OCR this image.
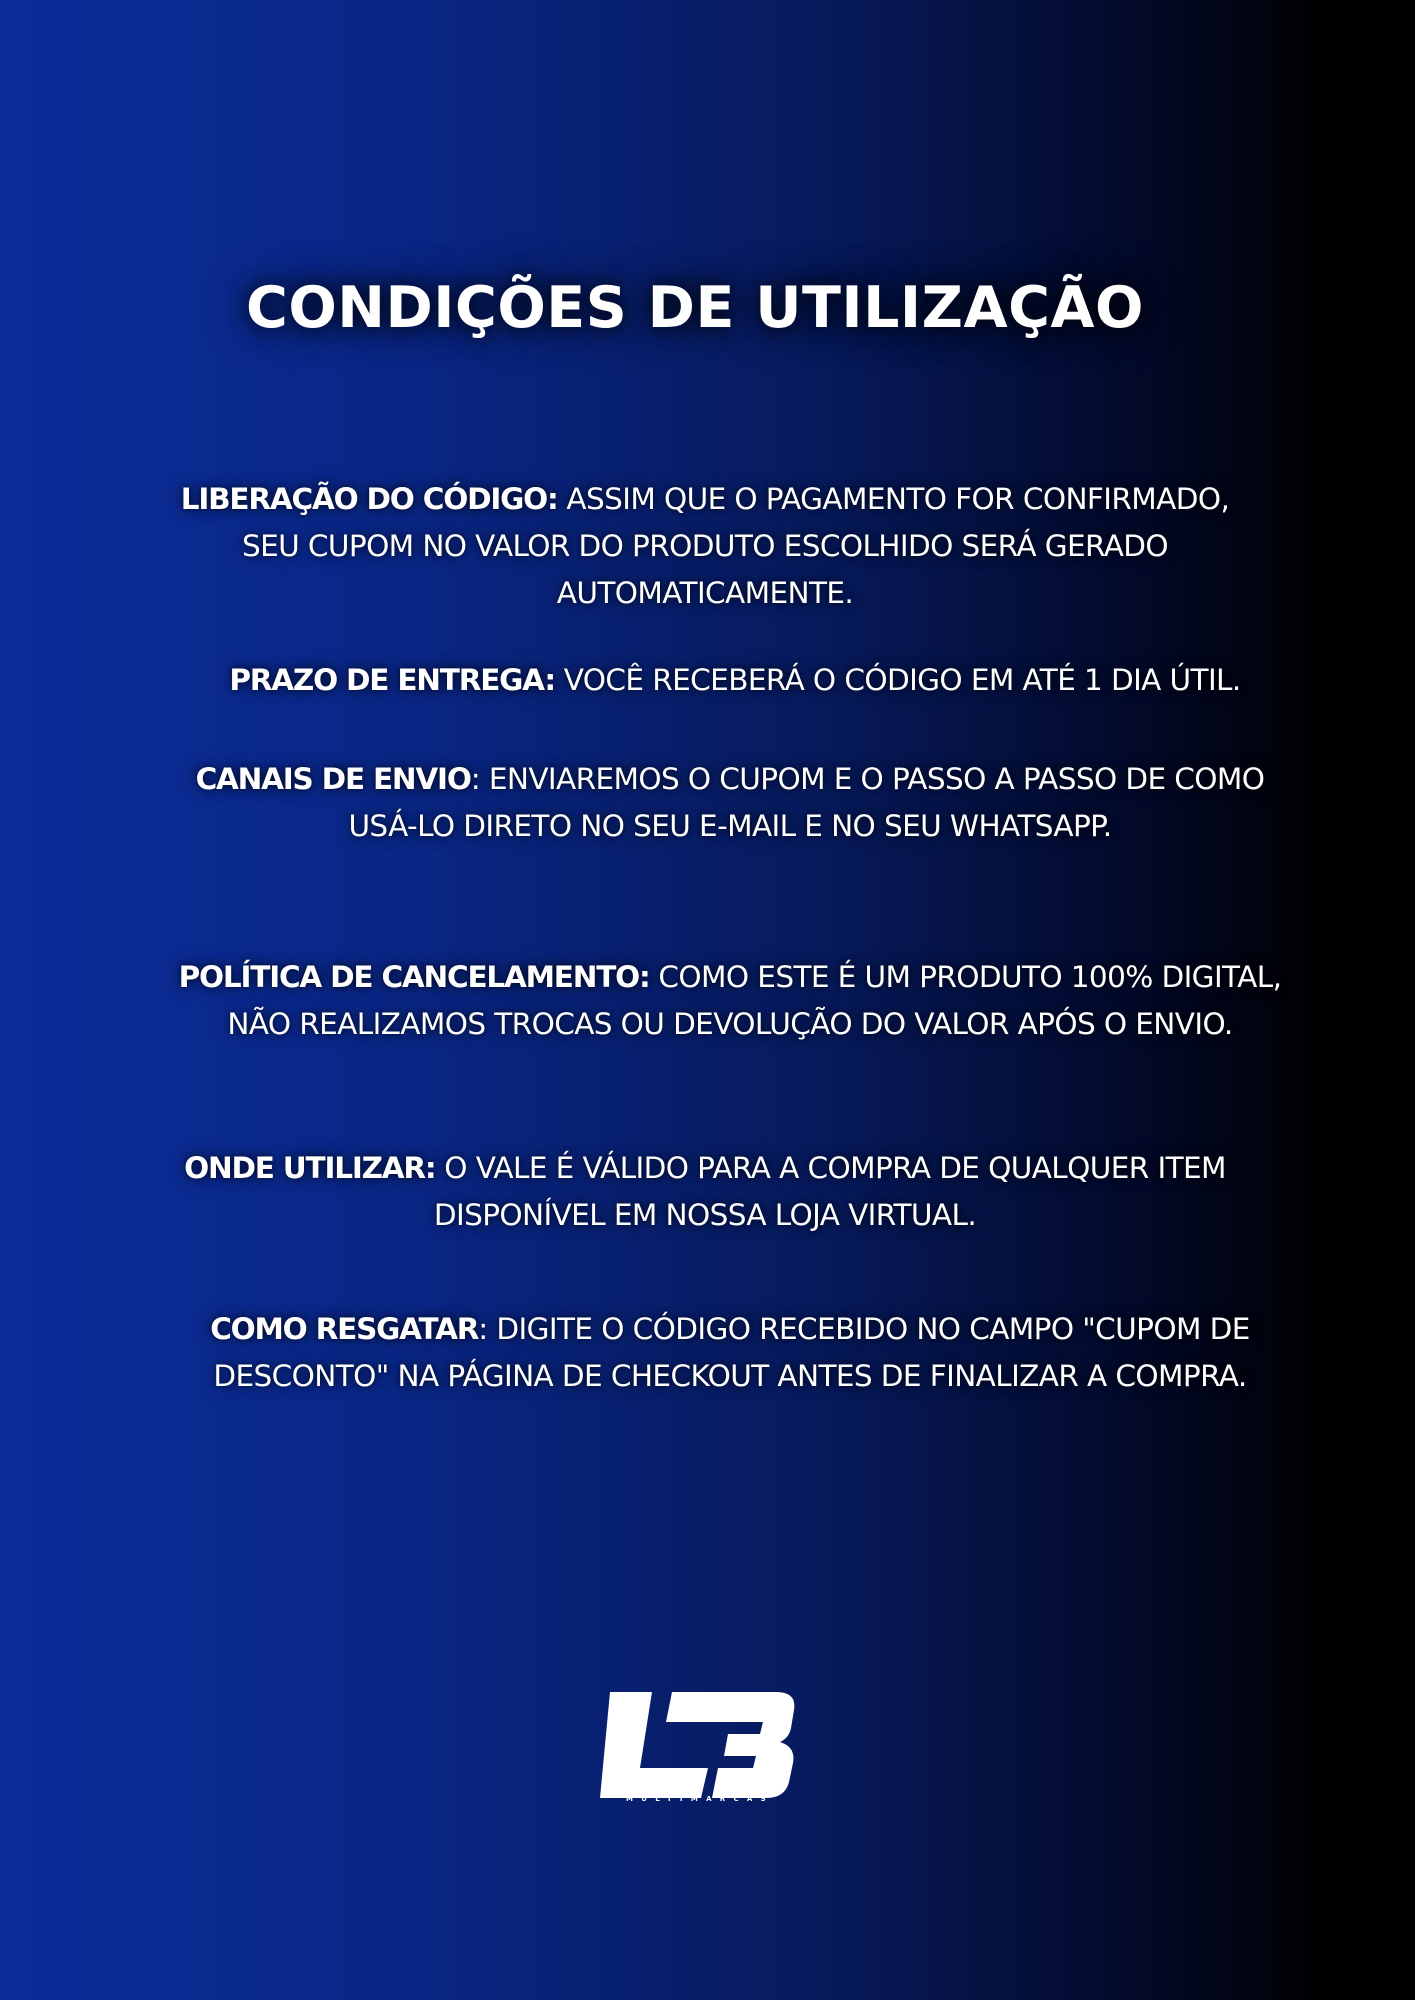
CONDIÇÕES DE UTILIZAÇÃO

LIBERAÇÃO DO CÓDIGO: ASSIM QUE O PAGAMENTO FOR CONFIRMADO, SEU CUPOM NO VALOR DO PRODUTO ESCOLHIDO SERÁ GERADO AUTOMATICAMENTE.

PRAZO DE ENTREGA: VOCÊ RECEBERÁ O CÓDIGO EM ATÉ 1 DIA ÚTIL.

CANAIS DE ENVIO: ENVIAREMOS O CUPOM E O PASSO A PASSO DE COMO USÁ-LO DIRETO NO SEU E-MAIL E NO SEU WHATSAPP.

POLÍTICA DE CANCELAMENTO: COMO ESTE É UM PRODUTO 100% DIGITAL, NÃO REALIZAMOS TROCAS OU DEVOLUÇÃO DO VALOR APÓS O ENVIO.

ONDE UTILIZAR: O VALE É VÁLIDO PARA A COMPRA DE QUALQUER ITEM DISPONÍVEL EM NOSSA LOJA VIRTUAL.

COMO RESGATAR: DIGITE O CÓDIGO RECEBIDO NO CAMPO "CUPOM DE DESCONTO" NA PÁGINA DE CHECKOUT ANTES DE FINALIZAR A COMPRA.

MULTIMARCAS
